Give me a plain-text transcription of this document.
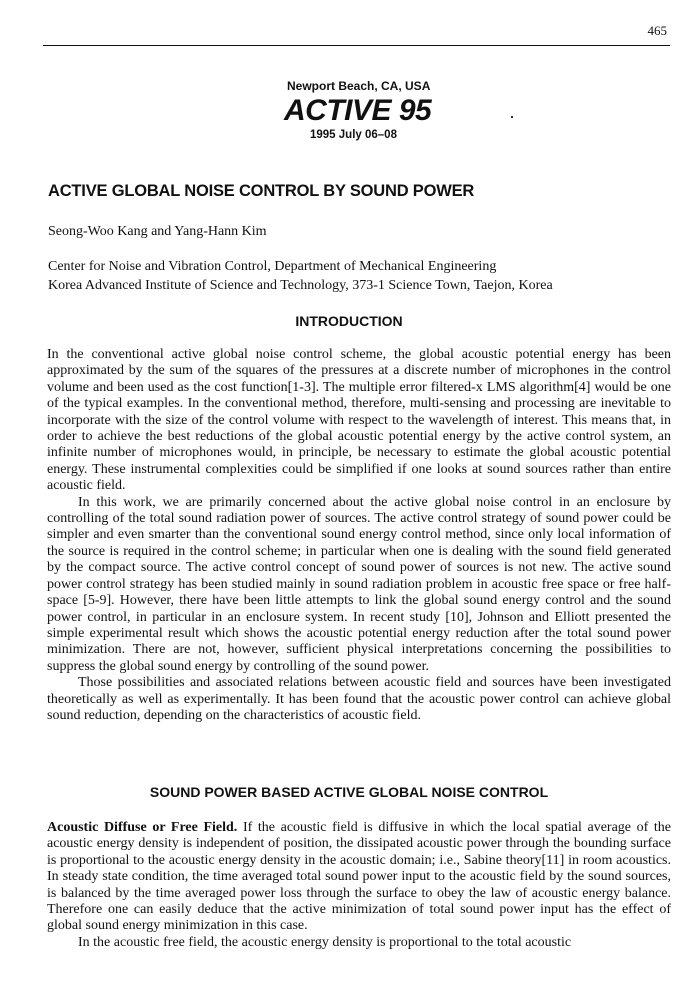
465
Newport Beach, CA, USA
ACTIVE 95
1995 July 06–08
ACTIVE GLOBAL NOISE CONTROL BY SOUND POWER
Seong-Woo Kang and Yang-Hann Kim
Center for Noise and Vibration Control, Department of Mechanical Engineering
Korea Advanced Institute of Science and Technology, 373-1 Science Town, Taejon, Korea
INTRODUCTION

In the conventional active global noise control scheme, the global acoustic potential energy has been approximated by the sum of the squares of the pressures at a discrete number of microphones in the control volume and been used as the cost function[1-3]. The multiple error filtered-x LMS algorithm[4] would be one of the typical examples. In the conventional method, therefore, multi-sensing and processing are inevitable to incorporate with the size of the control volume with respect to the wavelength of interest. This means that, in order to achieve the best reductions of the global acoustic potential energy by the active control system, an infinite number of microphones would, in principle, be necessary to estimate the global acoustic potential energy. These instrumental complexities could be simplified if one looks at sound sources rather than entire acoustic field.

In this work, we are primarily concerned about the active global noise control in an enclosure by controlling of the total sound radiation power of sources. The active control strategy of sound power could be simpler and even smarter than the conventional sound energy control method, since only local information of the source is required in the control scheme; in particular when one is dealing with the sound field generated by the compact source. The active control concept of sound power of sources is not new. The active sound power control strategy has been studied mainly in sound radiation problem in acoustic free space or free half-space [5-9]. However, there have been little attempts to link the global sound energy control and the sound power control, in particular in an enclosure system. In recent study [10], Johnson and Elliott presented the simple experimental result which shows the acoustic potential energy reduction after the total sound power minimization. There are not, however, sufficient physical interpretations concerning the possibilities to suppress the global sound energy by controlling of the sound power.

Those possibilities and associated relations between acoustic field and sources have been investigated theoretically as well as experimentally. It has been found that the acoustic power control can achieve global sound reduction, depending on the characteristics of acoustic field.

SOUND POWER BASED ACTIVE GLOBAL NOISE CONTROL

Acoustic Diffuse or Free Field. If the acoustic field is diffusive in which the local spatial average of the acoustic energy density is independent of position, the dissipated acoustic power through the bounding surface is proportional to the acoustic energy density in the acoustic domain; i.e., Sabine theory[11] in room acoustics. In steady state condition, the time averaged total sound power input to the acoustic field by the sound sources, is balanced by the time averaged power loss through the surface to obey the law of acoustic energy balance. Therefore one can easily deduce that the active minimization of total sound power input has the effect of global sound energy minimization in this case.

In the acoustic free field, the acoustic energy density is proportional to the total acoustic
